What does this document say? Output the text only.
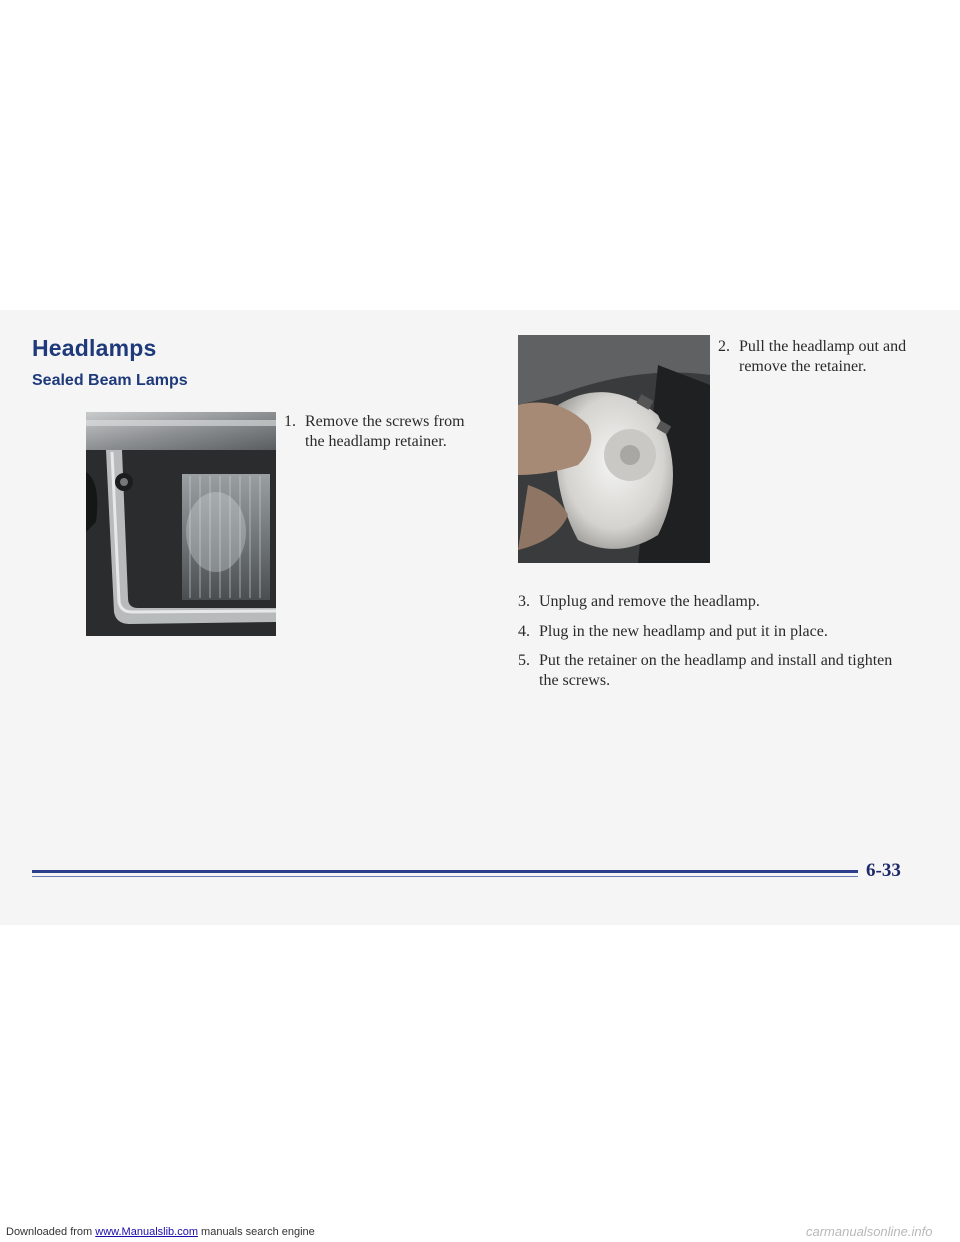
Headlamps
Sealed Beam Lamps
1. Remove the screws from the headlamp retainer.
2. Pull the headlamp out and remove the retainer.
3. Unplug and remove the headlamp.
4. Plug in the new headlamp and put it in place.
5. Put the retainer on the headlamp and install and tighten the screws.
6-33
Downloaded from www.Manualslib.com manuals search engine	carmanualsonline.info
